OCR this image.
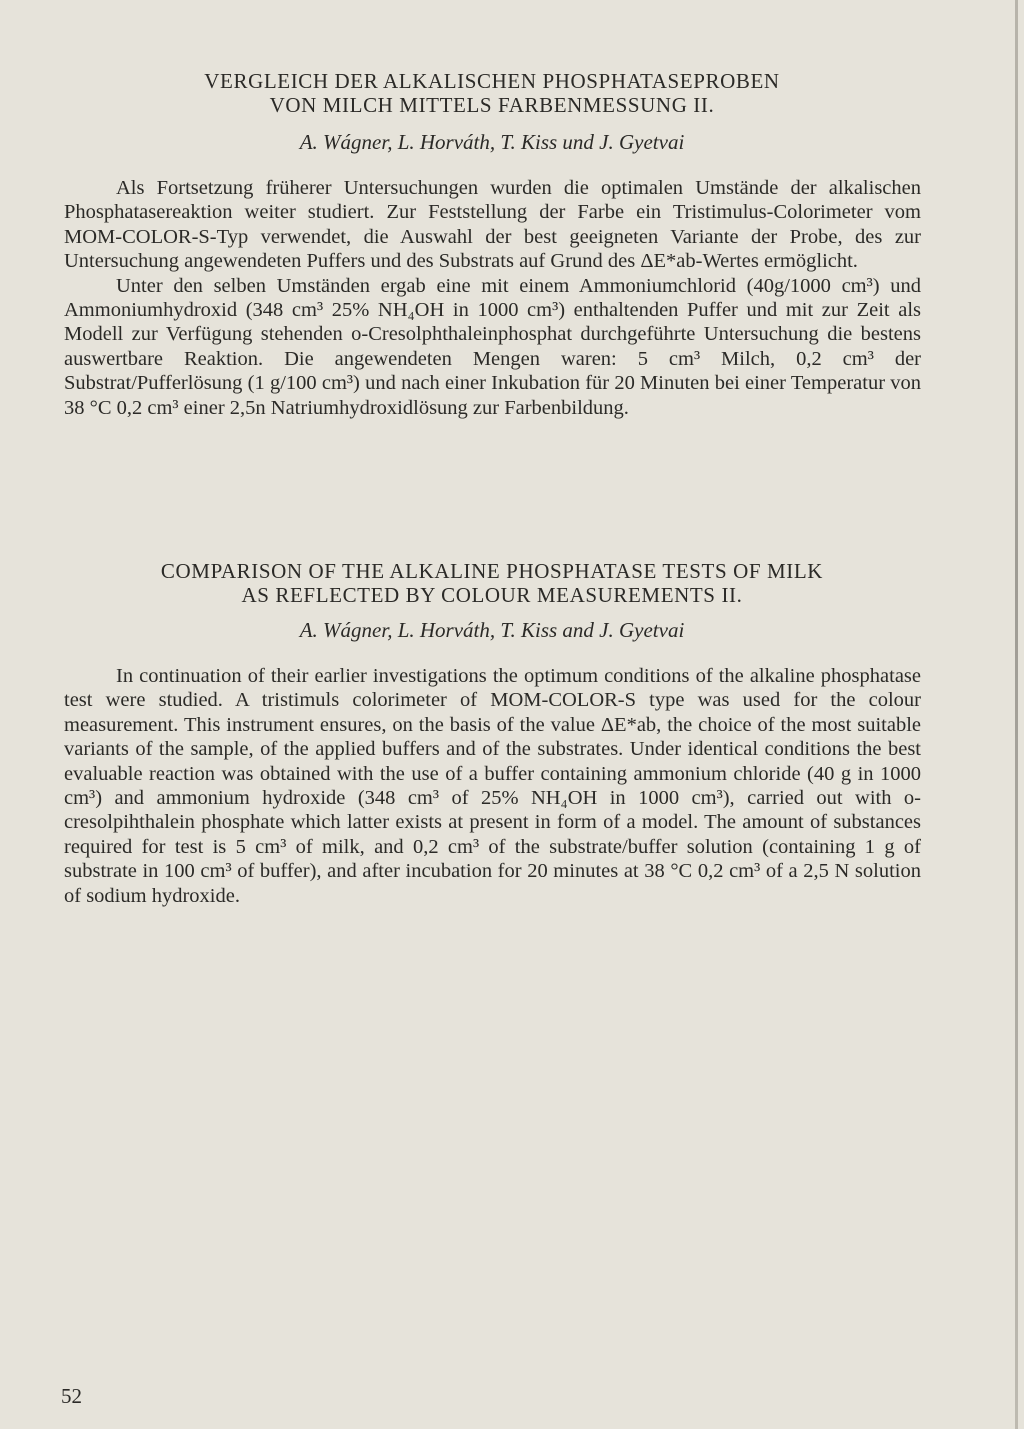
VERGLEICH DER ALKALISCHEN PHOSPHATASEPROBEN
VON MILCH MITTELS FARBENMESSUNG II.

A. Wágner, L. Horváth, T. Kiss und J. Gyetvai

Als Fortsetzung früherer Untersuchungen wurden die optimalen Umstände der alkalischen Phosphatasereaktion weiter studiert. Zur Feststellung der Farbe ein Tristimulus-Colorimeter vom MOM-COLOR-S-Typ verwendet, die Auswahl der best geeigneten Variante der Probe, des zur Untersuchung angewendeten Puffers und des Substrats auf Grund des ΔE*ab-Wertes ermöglicht.

Unter den selben Umständen ergab eine mit einem Ammoniumchlorid (40g/1000 cm³) und Ammoniumhydroxid (348 cm³ 25% NH₄OH in 1000 cm³) enthaltenden Puffer und mit zur Zeit als Modell zur Verfügung stehenden o-Cresolphthaleinphosphat durchgeführte Untersuchung die bestens auswertbare Reaktion. Die angewendeten Mengen waren: 5 cm³ Milch, 0,2 cm³ der Substrat/Pufferlösung (1 g/100 cm³) und nach einer Inkubation für 20 Minuten bei einer Temperatur von 38 °C 0,2 cm³ einer 2,5n Natriumhydroxidlösung zur Farbenbildung.

COMPARISON OF THE ALKALINE PHOSPHATASE TESTS OF MILK
AS REFLECTED BY COLOUR MEASUREMENTS II.

A. Wágner, L. Horváth, T. Kiss and J. Gyetvai

In continuation of their earlier investigations the optimum conditions of the alkaline phosphatase test were studied. A tristimuls colorimeter of MOM-COLOR-S type was used for the colour measurement. This instrument ensures, on the basis of the value ΔE*ab, the choice of the most suitable variants of the sample, of the applied buffers and of the substrates. Under identical conditions the best evaluable reaction was obtained with the use of a buffer containing ammonium chloride (40 g in 1000 cm³) and ammonium hydroxide (348 cm³ of 25% NH₄OH in 1000 cm³), carried out with o-cresolpihthalein phosphate which latter exists at present in form of a model. The amount of substances required for test is 5 cm³ of milk, and 0,2 cm³ of the substrate/buffer solution (containing 1 g of substrate in 100 cm³ of buffer), and after incubation for 20 minutes at 38 °C 0,2 cm³ of a 2,5 N solution of sodium hydroxide.

52
